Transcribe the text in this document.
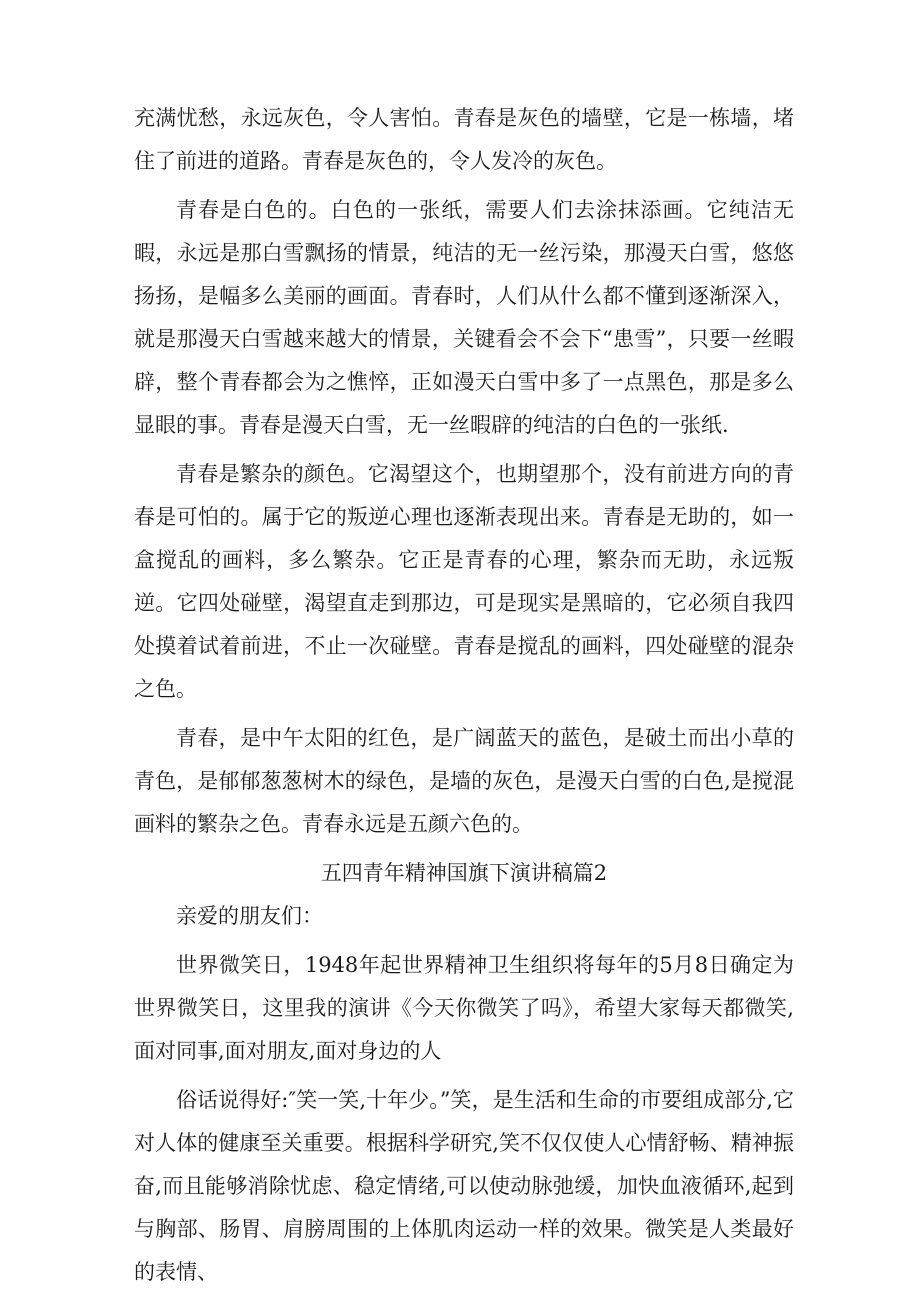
充满忧愁，永远灰色，令人害怕。青春是灰色的墙壁，它是一栋墙，堵住了前进的道路。青春是灰色的，令人发冷的灰色。

青春是白色的。白色的一张纸，需要人们去涂抹添画。它纯洁无暇，永远是那白雪飘扬的情景，纯洁的无一丝污染，那漫天白雪，悠悠扬扬，是幅多么美丽的画面。青春时，人们从什么都不懂到逐渐深入，就是那漫天白雪越来越大的情景，关键看会不会下“患雪”，只要一丝暇辟，整个青春都会为之憔悴，正如漫天白雪中多了一点黑色，那是多么显眼的事。青春是漫天白雪，无一丝暇辟的纯洁的白色的一张纸.

青春是繁杂的颜色。它渴望这个，也期望那个，没有前进方向的青春是可怕的。属于它的叛逆心理也逐渐表现出来。青春是无助的，如一盒搅乱的画料，多么繁杂。它正是青春的心理，繁杂而无助，永远叛逆。它四处碰壁，渴望直走到那边，可是现实是黑暗的，它必须自我四处摸着试着前进，不止一次碰壁。青春是搅乱的画料，四处碰壁的混杂之色。

青春，是中午太阳的红色，是广阔蓝天的蓝色，是破土而出小草的青色，是郁郁葱葱树木的绿色，是墙的灰色，是漫天白雪的白色,是搅混画料的繁杂之色。青春永远是五颜六色的。

五四青年精神国旗下演讲稿篇2

亲爱的朋友们：

世界微笑日，1948年起世界精神卫生组织将每年的5月8日确定为世界微笑日，这里我的演讲《今天你微笑了吗》，希望大家每天都微笑,面对同事,面对朋友,面对身边的人

俗话说得好:″笑一笑,十年少。”笑，是生活和生命的市要组成部分,它对人体的健康至关重要。根据科学研究,笑不仅仅使人心情舒畅、精神振奋,而且能够消除忧虑、稳定情绪,可以使动脉弛缓，加快血液循环,起到与胸部、肠胃、肩膀周围的上体肌肉运动一样的效果。微笑是人类最好的表情、
